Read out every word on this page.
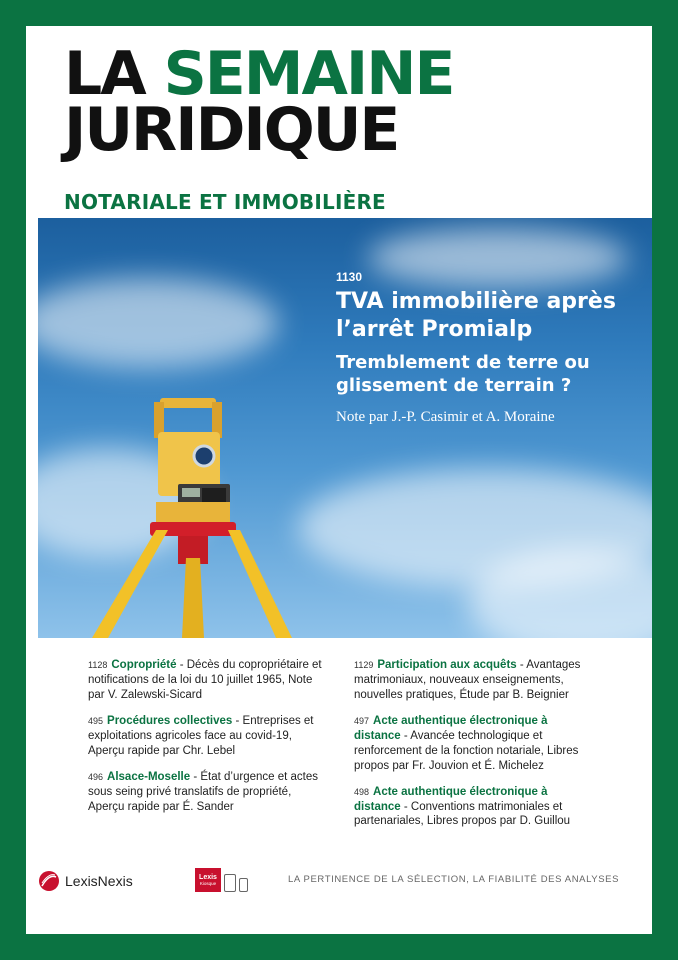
LA SEMAINE
JURIDIQUE
NOTARIALE ET IMMOBILIÈRE
1130
TVA immobilière après l’arrêt Promialp
Tremblement de terre ou glissement de terrain ?
Note par J.-P. Casimir et A. Moraine
1128 Copropriété - Décès du copropriétaire et notifications de la loi du 10 juillet 1965, Note par V. Zalewski-Sicard
495 Procédures collectives - Entreprises et exploitations agricoles face au covid-19, Aperçu rapide par Chr. Lebel
496 Alsace-Moselle - État d’urgence et actes sous seing privé translatifs de propriété, Aperçu rapide par É. Sander
1129 Participation aux acquêts - Avantages matrimoniaux, nouveaux enseignements, nouvelles pratiques, Étude par B. Beignier
497 Acte authentique électronique à distance - Avancée technologique et renforcement de la fonction notariale, Libres propos par Fr. Jouvion et É. Michelez
498 Acte authentique électronique à distance - Conventions matrimoniales et partenariales, Libres propos par D. Guillou
LexisNexis	Lexis
Kiosque	LA PERTINENCE DE LA SÉLECTION, LA FIABILITÉ DES ANALYSES
